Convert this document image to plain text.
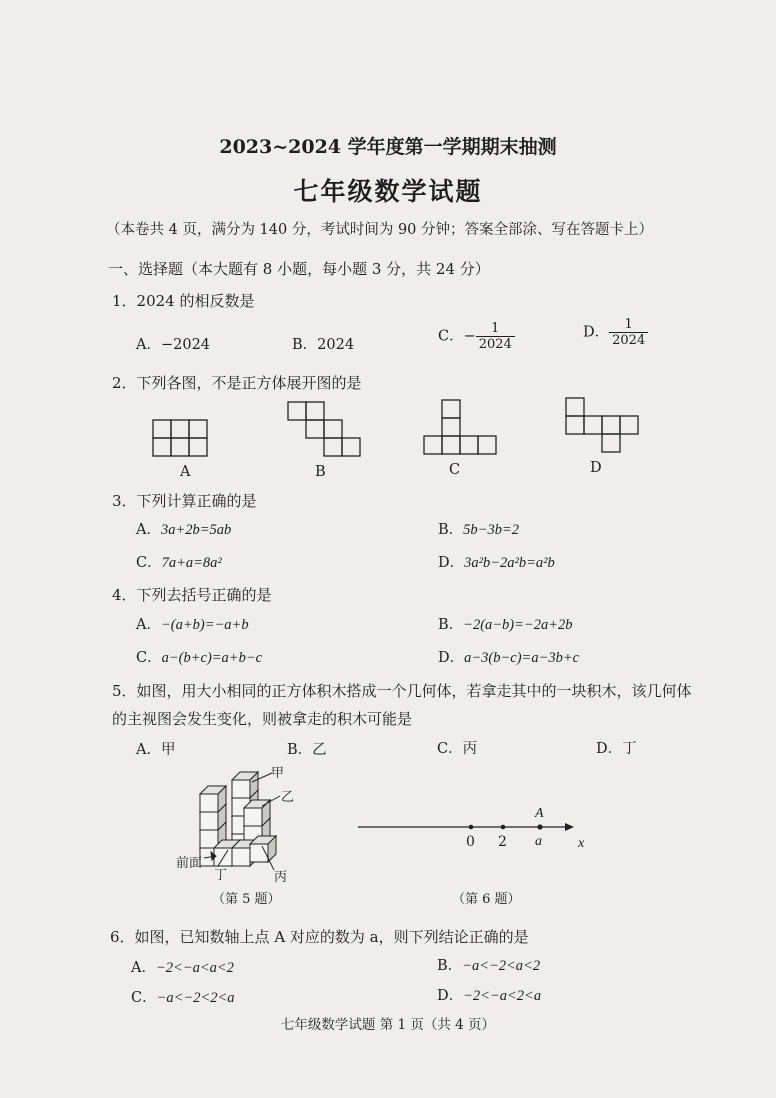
2023~2024 学年度第一学期期末抽测
七年级数学试题
（本卷共 4 页，满分为 140 分，考试时间为 90 分钟；答案全部涂、写在答题卡上）
一、选择题（本大题有 8 小题，每小题 3 分，共 24 分）
1．2024 的相反数是
A．−2024	B．2024
C．− $\frac{1}{2024}$	D． $\frac{1}{2024}$
2．下列各图，不是正方体展开图的是
A	B	C	D
3．下列计算正确的是
A．3a+2b=5ab	B．5b−3b=2
C．7a+a=8a²	D．3a²b−2a²b=a²b
4．下列去括号正确的是
A．−(a+b)=−a+b	B．−2(a−b)=−2a+2b
C．a−(b+c)=a+b−c	D．a−3(b−c)=a−3b+c
5．如图，用大小相同的正方体积木搭成一个几何体，若拿走其中的一块积木，该几何体
的主视图会发生变化，则被拿走的积木可能是
A．甲	B．乙	C．丙	D．丁
甲
乙
丙
丁
前面
（第 5 题）
A
0 2 a	x
（第 6 题）
6．如图，已知数轴上点 A 对应的数为 a，则下列结论正确的是
A．−2<−a<a<2	B．−a<−2<a<2
C．−a<−2<2<a	D．−2<−a<2<a
七年级数学试题 第 1 页（共 4 页）
